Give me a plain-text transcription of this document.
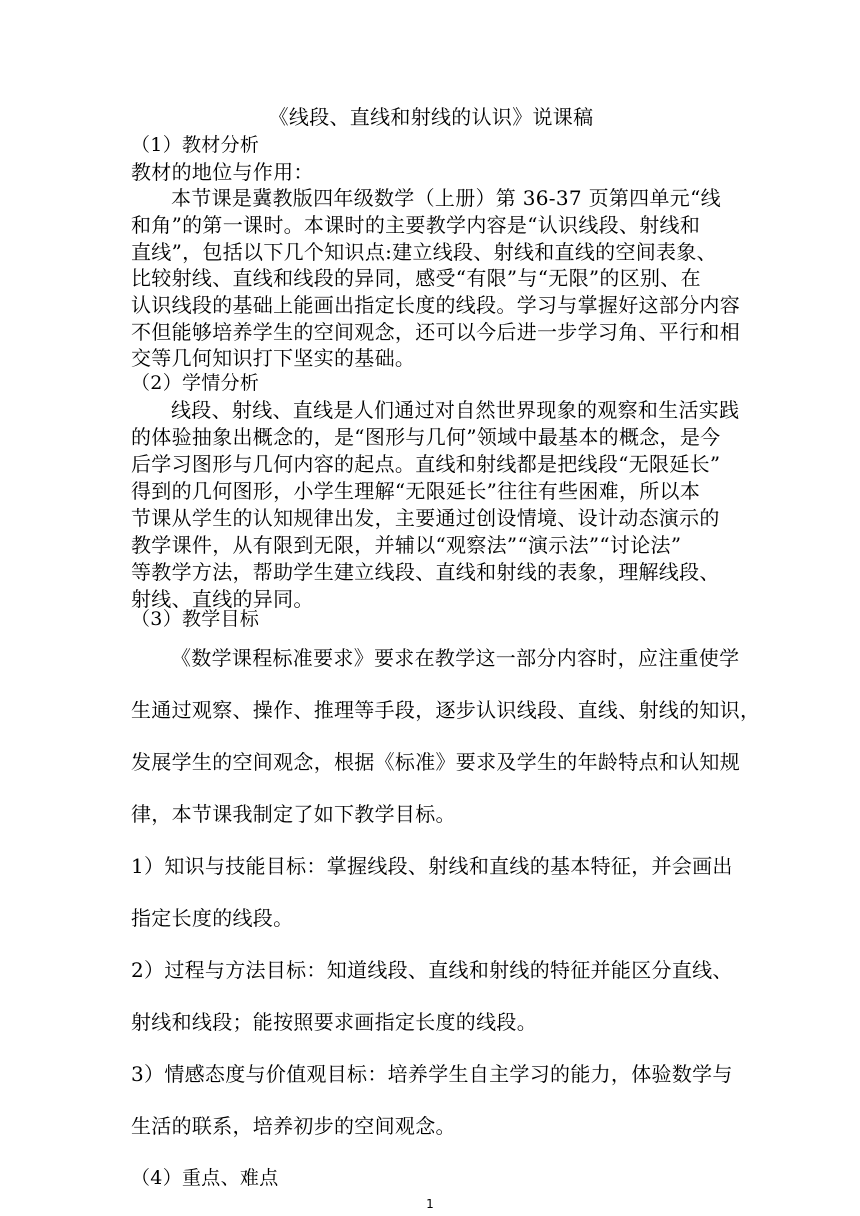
《线段、直线和射线的认识》说课稿
（1）教材分析
教材的地位与作用：
本节课是冀教版四年级数学（上册）第 36-37 页第四单元“线
和角”的第一课时。本课时的主要教学内容是“认识线段、射线和
直线”，包括以下几个知识点:建立线段、射线和直线的空间表象、
比较射线、直线和线段的异同，感受“有限”与“无限”的区别、在
认识线段的基础上能画出指定长度的线段。学习与掌握好这部分内容
不但能够培养学生的空间观念，还可以今后进一步学习角、平行和相
交等几何知识打下坚实的基础。
（2）学情分析
线段、射线、直线是人们通过对自然世界现象的观察和生活实践
的体验抽象出概念的，是“图形与几何”领域中最基本的概念，是今
后学习图形与几何内容的起点。直线和射线都是把线段“无限延长”
得到的几何图形，小学生理解“无限延长”往往有些困难，所以本
节课从学生的认知规律出发，主要通过创设情境、设计动态演示的
教学课件，从有限到无限，并辅以“观察法”“演示法”“讨论法”
等教学方法，帮助学生建立线段、直线和射线的表象，理解线段、
射线、直线的异同。
（3）教学目标
《数学课程标准要求》要求在教学这一部分内容时，应注重使学
生通过观察、操作、推理等手段，逐步认识线段、直线、射线的知识，
发展学生的空间观念，根据《标准》要求及学生的年龄特点和认知规
律，本节课我制定了如下教学目标。
1）知识与技能目标：掌握线段、射线和直线的基本特征，并会画出
指定长度的线段。
2）过程与方法目标：知道线段、直线和射线的特征并能区分直线、
射线和线段；能按照要求画指定长度的线段。
3）情感态度与价值观目标：培养学生自主学习的能力，体验数学与
生活的联系，培养初步的空间观念。
（4）重点、难点
1
